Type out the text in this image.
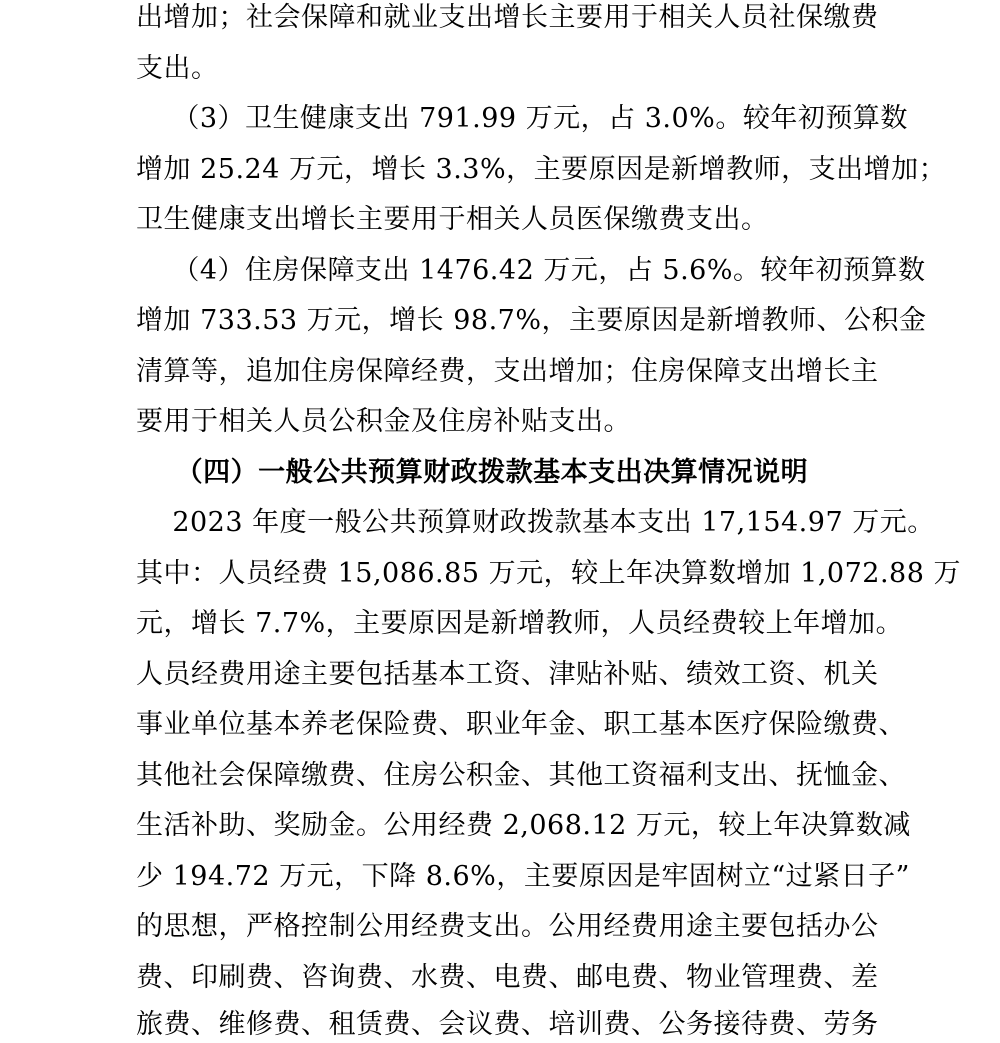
出增加；社会保障和就业支出增长主要用于相关人员社保缴费
支出。
（3）卫生健康支出 791.99 万元，占 3.0%。较年初预算数
增加 25.24 万元，增长 3.3%，主要原因是新增教师，支出增加；
卫生健康支出增长主要用于相关人员医保缴费支出。
（4）住房保障支出 1476.42 万元，占 5.6%。较年初预算数
增加 733.53 万元，增长 98.7%，主要原因是新增教师、公积金
清算等，追加住房保障经费，支出增加；住房保障支出增长主
要用于相关人员公积金及住房补贴支出。
（四）一般公共预算财政拨款基本支出决算情况说明
2023 年度一般公共预算财政拨款基本支出 17,154.97 万元。
其中：人员经费 15,086.85 万元，较上年决算数增加 1,072.88 万
元，增长 7.7%，主要原因是新增教师，人员经费较上年增加。
人员经费用途主要包括基本工资、津贴补贴、绩效工资、机关
事业单位基本养老保险费、职业年金、职工基本医疗保险缴费、
其他社会保障缴费、住房公积金、其他工资福利支出、抚恤金、
生活补助、奖励金。公用经费 2,068.12 万元，较上年决算数减
少 194.72 万元，下降 8.6%，主要原因是牢固树立“过紧日子”
的思想，严格控制公用经费支出。公用经费用途主要包括办公
费、印刷费、咨询费、水费、电费、邮电费、物业管理费、差
旅费、维修费、租赁费、会议费、培训费、公务接待费、劳务
